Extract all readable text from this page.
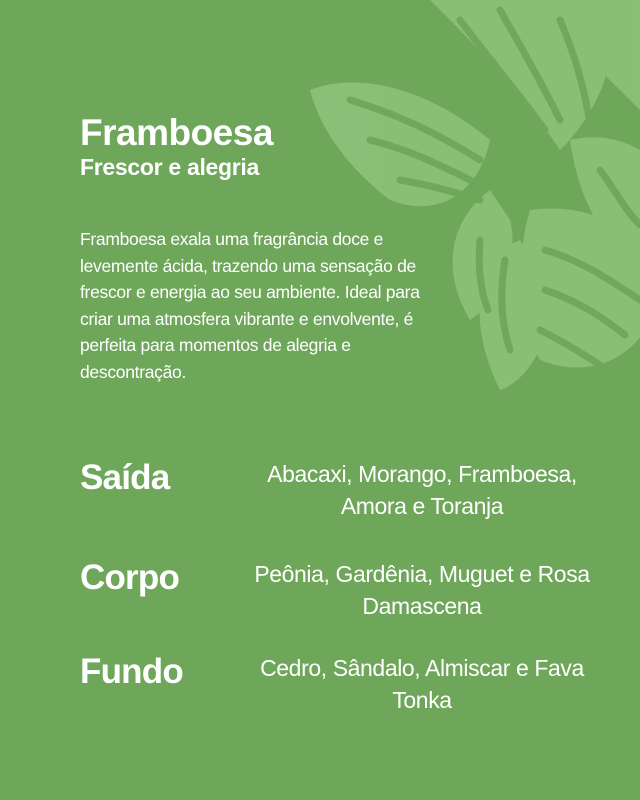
Framboesa
Frescor e alegria

Framboesa exala uma fragrância doce e levemente ácida, trazendo uma sensação de frescor e energia ao seu ambiente. Ideal para criar uma atmosfera vibrante e envolvente, é perfeita para momentos de alegria e descontração.

Saída	Abacaxi, Morango, Framboesa, Amora e Toranja
Corpo	Peônia, Gardênia, Muguet e Rosa Damascena
Fundo	Cedro, Sândalo, Almiscar e Fava Tonka
